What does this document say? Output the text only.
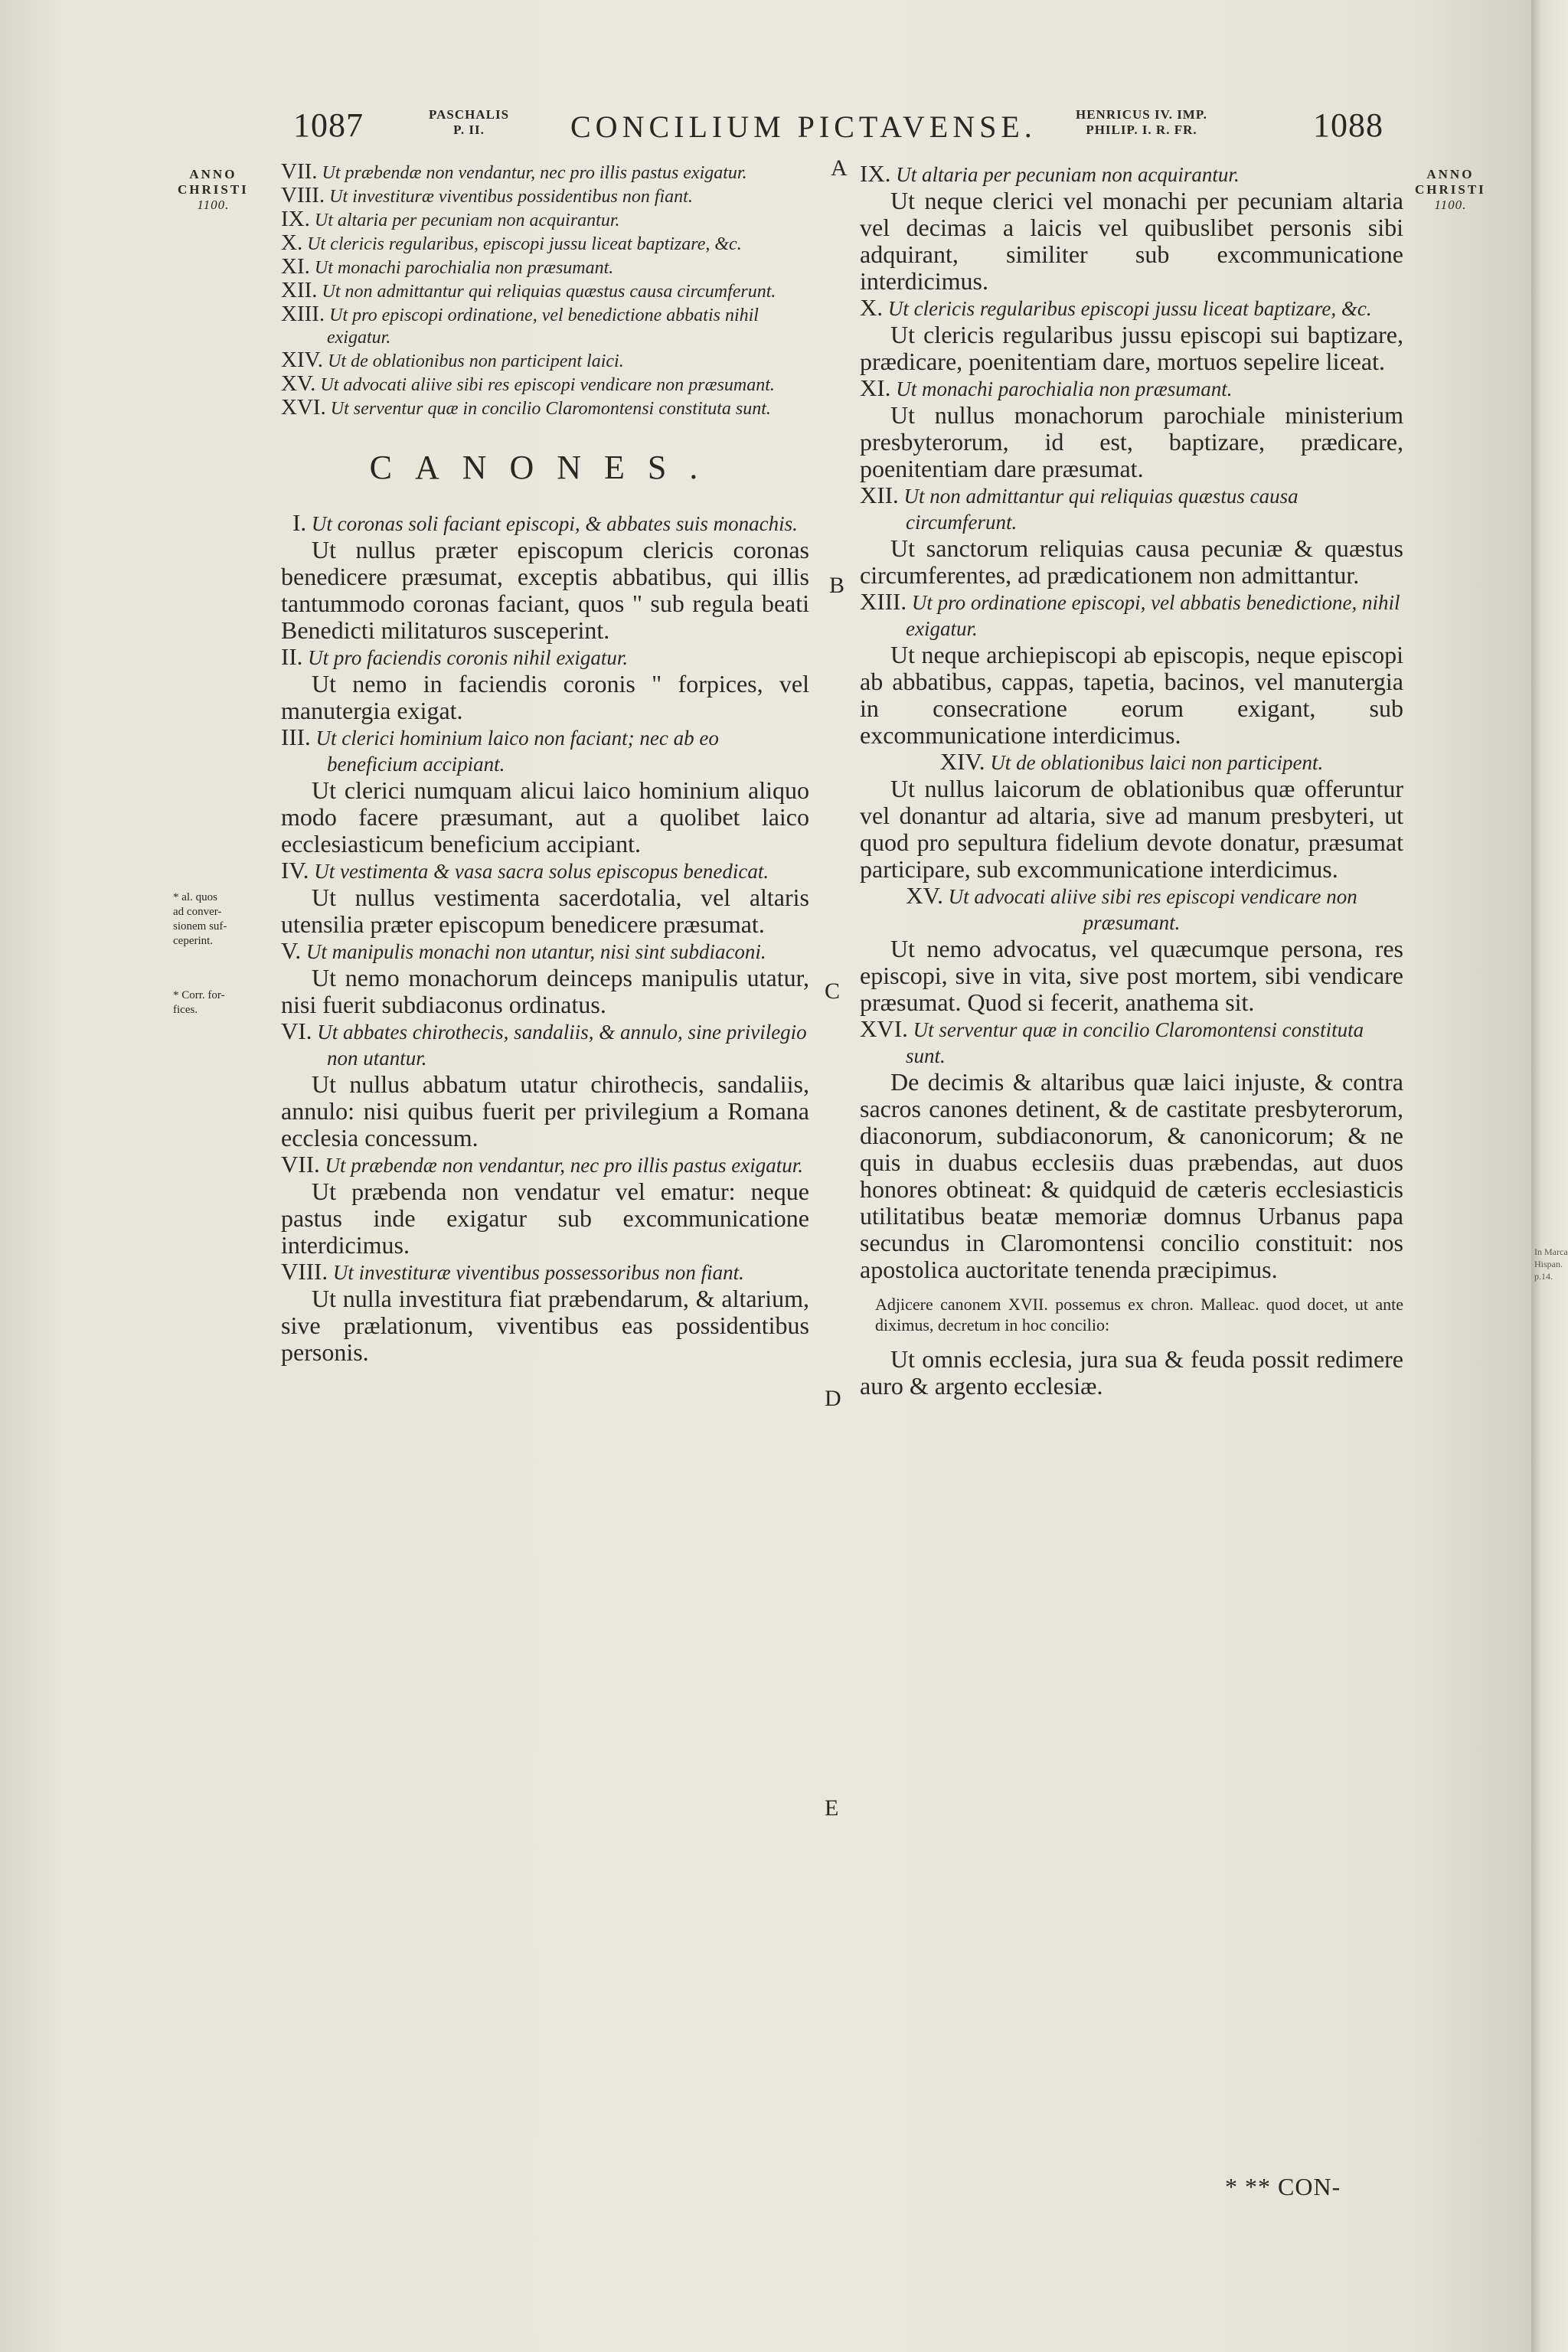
1087	PASCHALIS
P. II.	CONCILIUM PICTAVENSE.	HENRICUS IV. IMP.
PHILIP. I. R. FR.	1088
ANNO
CHRISTI
1100.
ANNO
CHRISTI
1100.
* al. quos
ad conver-
sionem suf-
ceperint.
* Corr. for-
fices.
A
B
C
D
E

VII. Ut præbendæ non vendantur, nec pro illis pastus exigatur.

VIII. Ut investituræ viventibus possidentibus non fiant.

IX. Ut altaria per pecuniam non acquirantur.

X. Ut clericis regularibus, episcopi jussu liceat baptizare, &c.

XI. Ut monachi parochialia non præsumant.

XII. Ut non admittantur qui reliquias quæstus causa circumferunt.

XIII. Ut pro episcopi ordinatione, vel benedictione abbatis nihil exigatur.

XIV. Ut de oblationibus non participent laici.

XV. Ut advocati aliive sibi res episcopi vendicare non præsumant.

XVI. Ut serventur quæ in concilio Claromontensi constituta sunt.

CANONES.

I. Ut coronas soli faciant episcopi, & abbates suis monachis.

Ut nullus præter episcopum clericis coronas benedicere præsumat, exceptis abbatibus, qui illis tantummodo coronas faciant, quos " sub regula beati Benedicti militaturos susceperint.

II. Ut pro faciendis coronis nihil exigatur.

Ut nemo in faciendis coronis " forpices, vel manutergia exigat.

III. Ut clerici hominium laico non faciant; nec ab eo beneficium accipiant.

Ut clerici numquam alicui laico hominium aliquo modo facere præsumant, aut a quolibet laico ecclesiasticum beneficium accipiant.

IV. Ut vestimenta & vasa sacra solus episcopus benedicat.

Ut nullus vestimenta sacerdotalia, vel altaris utensilia præter episcopum benedicere præsumat.

V. Ut manipulis monachi non utantur, nisi sint subdiaconi.

Ut nemo monachorum deinceps manipulis utatur, nisi fuerit subdiaconus ordinatus.

VI. Ut abbates chirothecis, sandaliis, & annulo, sine privilegio non utantur.

Ut nullus abbatum utatur chirothecis, sandaliis, annulo: nisi quibus fuerit per privilegium a Romana ecclesia concessum.

VII. Ut præbendæ non vendantur, nec pro illis pastus exigatur.

Ut præbenda non vendatur vel ematur: neque pastus inde exigatur sub excommunicatione interdicimus.

VIII. Ut investituræ viventibus possessoribus non fiant.

Ut nulla investitura fiat præbendarum, & altarium, sive prælationum, viventibus eas possidentibus personis.

IX. Ut altaria per pecuniam non acquirantur.

Ut neque clerici vel monachi per pecuniam altaria vel decimas a laicis vel quibuslibet personis sibi adquirant, similiter sub excommunicatione interdicimus.

X. Ut clericis regularibus episcopi jussu liceat baptizare, &c.

Ut clericis regularibus jussu episcopi sui baptizare, prædicare, poenitentiam dare, mortuos sepelire liceat.

XI. Ut monachi parochialia non præsumant.

Ut nullus monachorum parochiale ministerium presbyterorum, id est, baptizare, prædicare, poenitentiam dare præsumat.

XII. Ut non admittantur qui reliquias quæstus causa circumferunt.

Ut sanctorum reliquias causa pecuniæ & quæstus circumferentes, ad prædicationem non admittantur.

XIII. Ut pro ordinatione episcopi, vel abbatis benedictione, nihil exigatur.

Ut neque archiepiscopi ab episcopis, neque episcopi ab abbatibus, cappas, tapetia, bacinos, vel manutergia in consecratione eorum exigant, sub excommunicatione interdicimus.

XIV. Ut de oblationibus laici non participent.

Ut nullus laicorum de oblationibus quæ offeruntur vel donantur ad altaria, sive ad manum presbyteri, ut quod pro sepultura fidelium devote donatur, præsumat participare, sub excommunicatione interdicimus.

XV. Ut advocati aliive sibi res episcopi vendicare non præsumant.

Ut nemo advocatus, vel quæcumque persona, res episcopi, sive in vita, sive post mortem, sibi vendicare præsumat. Quod si fecerit, anathema sit.

XVI. Ut serventur quæ in concilio Claromontensi constituta sunt.

De decimis & altaribus quæ laici injuste, & contra sacros canones detinent, & de castitate presbyterorum, diaconorum, subdiaconorum, & canonicorum; & ne quis in duabus ecclesiis duas præbendas, aut duos honores obtineat: & quidquid de cæteris ecclesiasticis utilitatibus beatæ memoriæ domnus Urbanus papa secundus in Claromontensi concilio constituit: nos apostolica auctoritate tenenda præcipimus.

Adjicere canonem XVII. possemus ex chron. Malleac. quod docet, ut ante diximus, decretum in hoc concilio:

Ut omnis ecclesia, jura sua & feuda possit redimere auro & argento ecclesiæ.

* ** CON-
In Marca
Hispan.
p.14.
